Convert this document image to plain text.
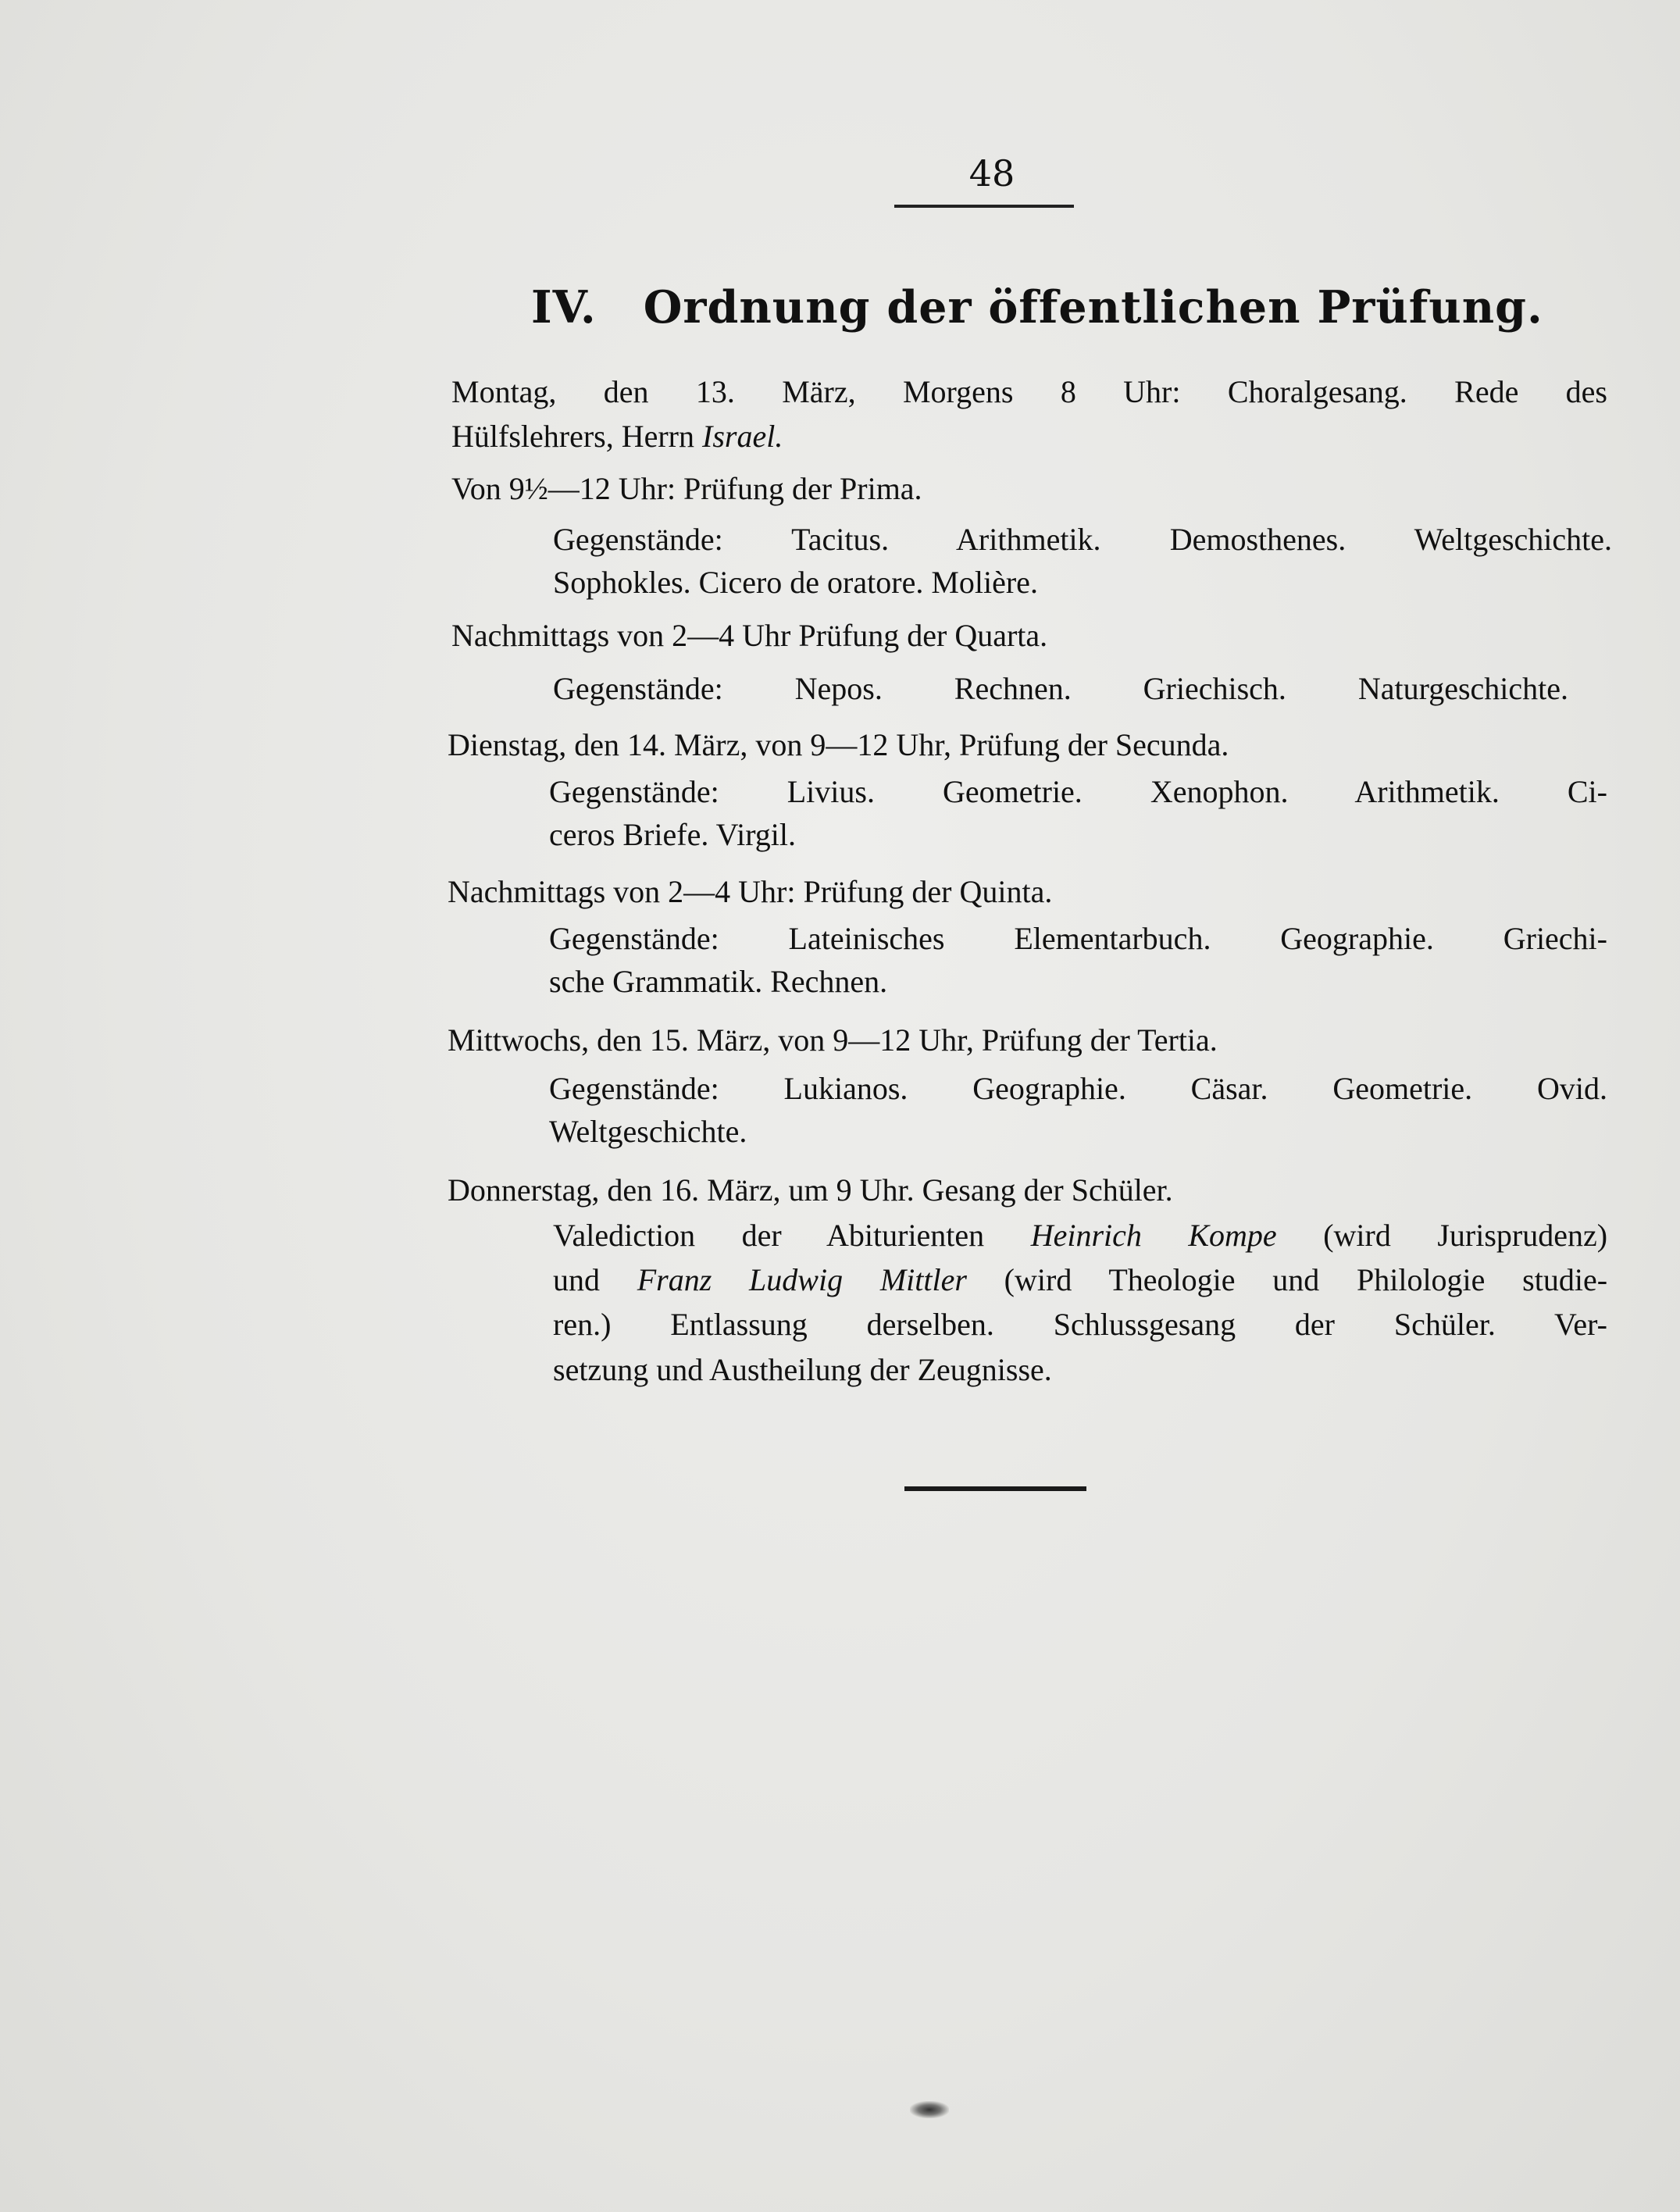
48
IV. Ordnung der öffentlichen Prüfung.
Montag, den 13. März, Morgens 8 Uhr: Choralgesang. Rede des
Hülfslehrers, Herrn Israel.
Von 9½—12 Uhr: Prüfung der Prima.
Gegenstände: Tacitus. Arithmetik. Demosthenes. Weltgeschichte.
Sophokles. Cicero de oratore. Molière.
Nachmittags von 2—4 Uhr Prüfung der Quarta.
Gegenstände: Nepos. Rechnen. Griechisch. Naturgeschichte.
Dienstag, den 14. März, von 9—12 Uhr, Prüfung der Secunda.
Gegenstände: Livius. Geometrie. Xenophon. Arithmetik. Ci-
ceros Briefe. Virgil.
Nachmittags von 2—4 Uhr: Prüfung der Quinta.
Gegenstände: Lateinisches Elementarbuch. Geographie. Griechi-
sche Grammatik. Rechnen.
Mittwochs, den 15. März, von 9—12 Uhr, Prüfung der Tertia.
Gegenstände: Lukianos. Geographie. Cäsar. Geometrie. Ovid.
Weltgeschichte.
Donnerstag, den 16. März, um 9 Uhr. Gesang der Schüler.
Valediction der Abiturienten Heinrich Kompe (wird Jurisprudenz)
und Franz Ludwig Mittler (wird Theologie und Philologie studie-
ren.) Entlassung derselben. Schlussgesang der Schüler. Ver-
setzung und Austheilung der Zeugnisse.
